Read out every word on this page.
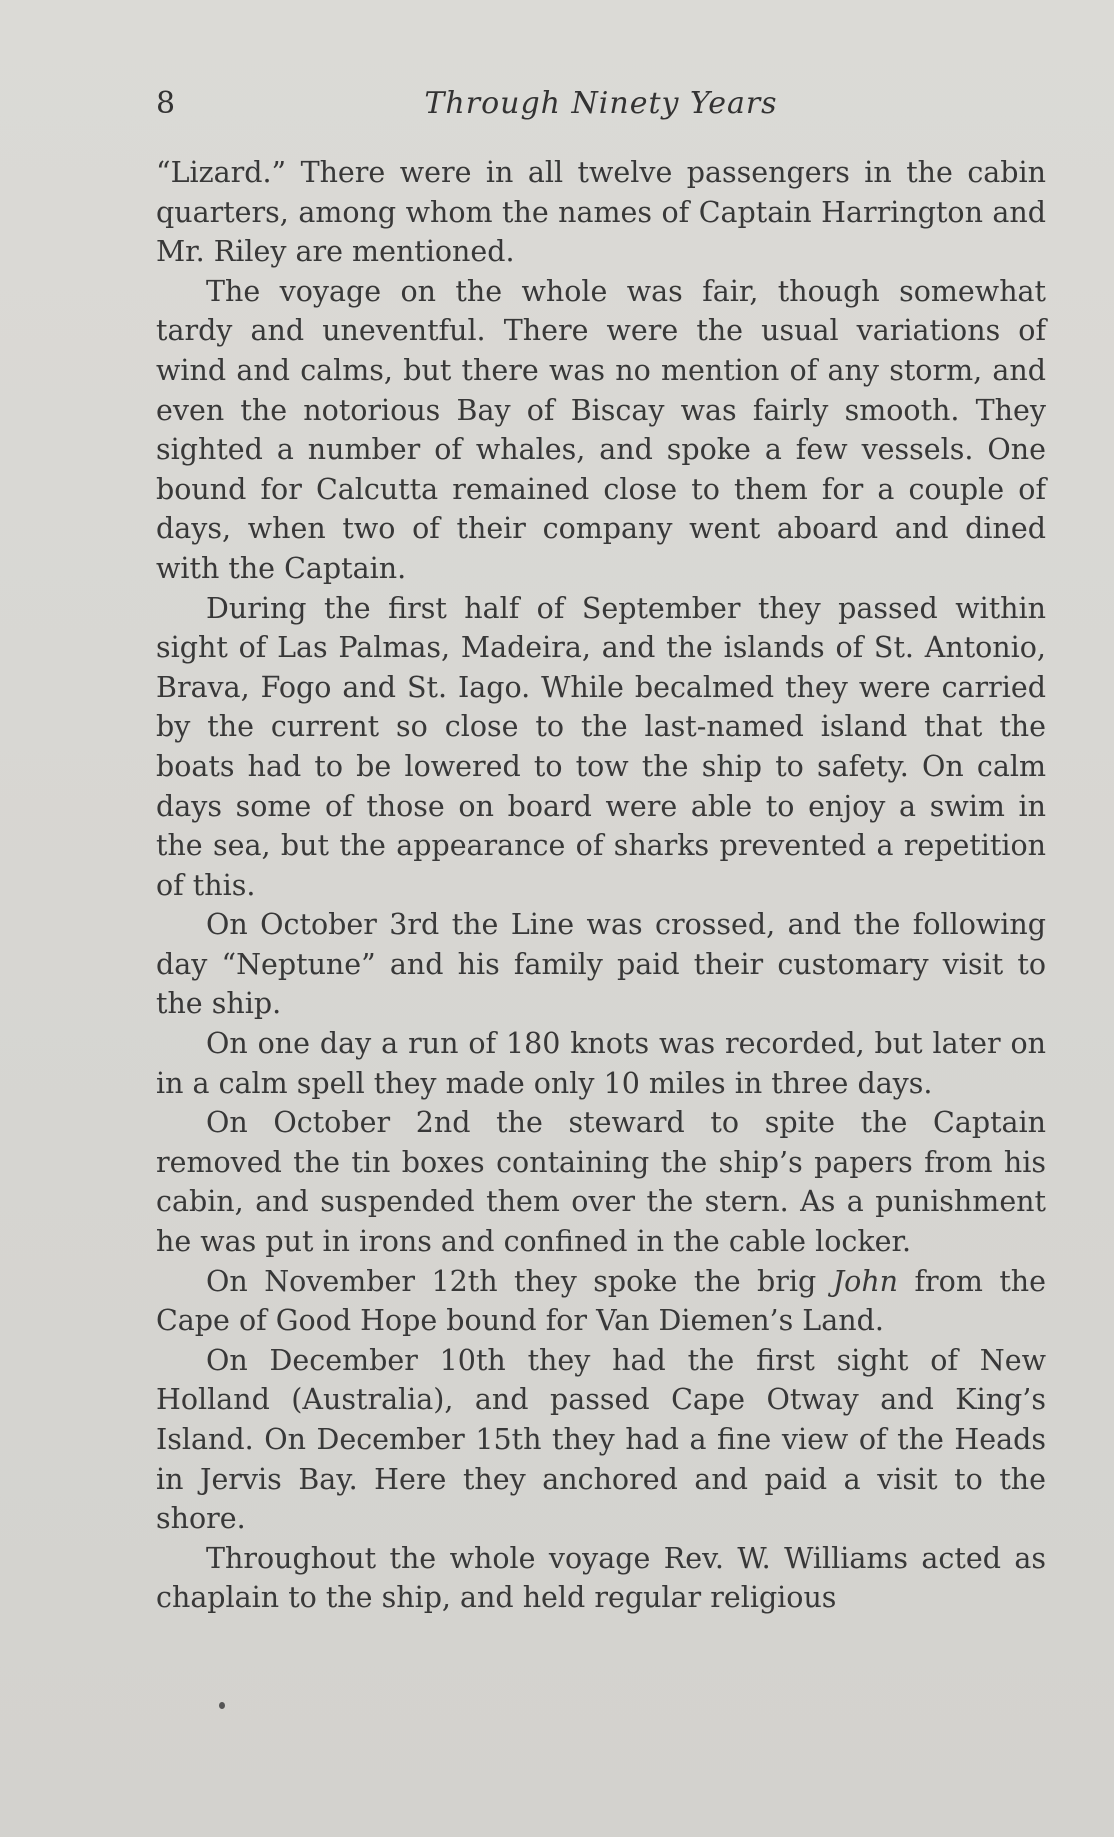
8	Through Ninety Years

“Lizard.” There were in all twelve passengers in the cabin quarters, among whom the names of Captain Harrington and Mr. Riley are mentioned.

The voyage on the whole was fair, though somewhat tardy and uneventful. There were the usual variations of wind and calms, but there was no mention of any storm, and even the notorious Bay of Biscay was fairly smooth. They sighted a number of whales, and spoke a few vessels. One bound for Calcutta remained close to them for a couple of days, when two of their company went aboard and dined with the Captain.

During the first half of September they passed within sight of Las Palmas, Madeira, and the islands of St. Antonio, Brava, Fogo and St. Iago. While becalmed they were carried by the current so close to the last-named island that the boats had to be lowered to tow the ship to safety. On calm days some of those on board were able to enjoy a swim in the sea, but the appearance of sharks prevented a repetition of this.

On October 3rd the Line was crossed, and the following day “Neptune” and his family paid their customary visit to the ship.

On one day a run of 180 knots was recorded, but later on in a calm spell they made only 10 miles in three days.

On October 2nd the steward to spite the Captain removed the tin boxes containing the ship’s papers from his cabin, and suspended them over the stern. As a punishment he was put in irons and confined in the cable locker.

On November 12th they spoke the brig John from the Cape of Good Hope bound for Van Diemen’s Land.

On December 10th they had the first sight of New Holland (Australia), and passed Cape Otway and King’s Island. On December 15th they had a fine view of the Heads in Jervis Bay. Here they anchored and paid a visit to the shore.

Throughout the whole voyage Rev. W. Williams acted as chaplain to the ship, and held regular religious
